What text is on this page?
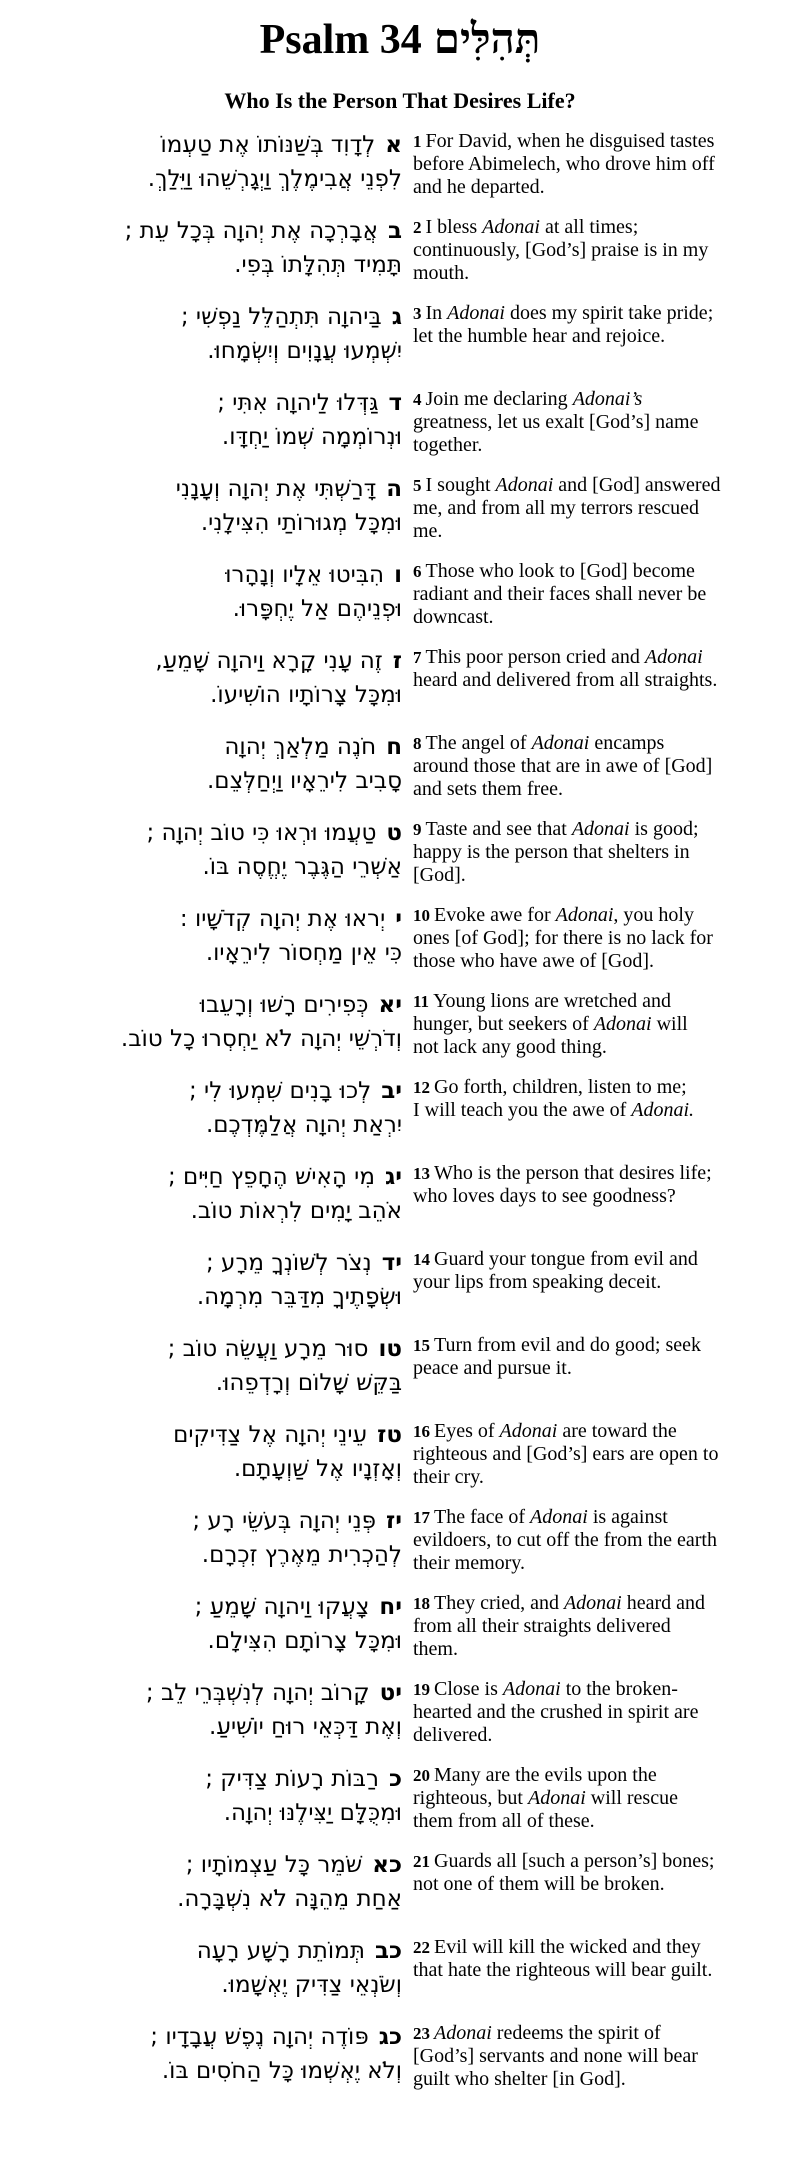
Psalm 34 תְּהִלִּים
Who Is the Person That Desires Life?
אלְדָוִד בְּשַׁנּוֹתוֹ אֶת טַעְמוֹ
לִפְנֵי אֲבִימֶלֶךְ וַיְגָרְשֵׁהוּ וַיֵּלַךְ.
1 For David, when he disguised tastes
before Abimelech, who drove him off
and he departed.
באֲבָרְכָה אֶת יְהוָה בְּכָל עֵת ;
תָּמִיד תְּהִלָּתוֹ בְּפִי.
2 I bless Adonai at all times;
continuously, [God’s] praise is in my
mouth.
גבַּיהוָה תִּתְהַלֵּל נַפְשִׁי ;
יִשְׁמְעוּ עֲנָוִים וְיִשְׂמָחוּ.
3 In Adonai does my spirit take pride;
let the humble hear and rejoice.
דגַּדְּלוּ לַיהוָה אִתִּי ;
וּנְרוֹמְמָה שְׁמוֹ יַחְדָּו.
4 Join me declaring Adonai’s
greatness, let us exalt [God’s] name
together.
הדָּרַשְׁתִּי אֶת יְהוָה וְעָנָנִי
וּמִכָּל מְגוּרוֹתַי הִצִּילָנִי.
5 I sought Adonai and [God] answered
me, and from all my terrors rescued
me.
והִבִּיטוּ אֵלָיו וְנָהָרוּ
וּפְנֵיהֶם אַל יֶחְפָּרוּ.
6 Those who look to [God] become
radiant and their faces shall never be
downcast.
זזֶה עָנִי קָרָא וַיהוָה שָׁמֵעַ,
וּמִכָּל צָרוֹתָיו הוֹשִׁיעוֹ.
7 This poor person cried and Adonai
heard and delivered from all straights.
חחֹנֶה מַלְאַךְ יְהוָה
סָבִיב לִירֵאָיו וַיְחַלְּצֵם.
8 The angel of Adonai encamps
around those that are in awe of [God]
and sets them free.
טטַעֲמוּ וּרְאוּ כִּי טוֹב יְהוָה ;
אַשְׁרֵי הַגֶּבֶר יֶחֱסֶה בּוֹ.
9 Taste and see that Adonai is good;
happy is the person that shelters in
[God].
ייְראוּ אֶת יְהוָה קְדֹשָׁיו :
כִּי אֵין מַחְסוֹר לִירֵאָיו.
10 Evoke awe for Adonai, you holy
ones [of God]; for there is no lack for
those who have awe of [God].
יאכְּפִירִים רָשׁוּ וְרָעֵבוּ
וְדֹרְשֵׁי יְהוָה לֹא יַחְסְרוּ כָל טוֹב.
11 Young lions are wretched and
hunger, but seekers of Adonai will
not lack any good thing.
יבלְכוּ בָנִים שִׁמְעוּ לִי ;
יִרְאַת יְהוָה אֲלַמֶּדְכֶם.
12 Go forth, children, listen to me;
I will teach you the awe of Adonai.
יגמִי הָאִישׁ הֶחָפֵץ חַיִּים ;
אֹהֵב יָמִים לִרְאוֹת טוֹב.
13 Who is the person that desires life;
who loves days to see goodness?
ידנְצֹר לְשׁוֹנְךָ מֵרָע ;
וּשְׂפָתֶיךָ מִדַּבֵּר מִרְמָה.
14 Guard your tongue from evil and
your lips from speaking deceit.
טוסוּר מֵרָע וַעֲשֵׂה טוֹב ;
בַּקֵּשׁ שָׁלוֹם וְרָדְפֵהוּ.
15 Turn from evil and do good; seek
peace and pursue it.
טזעֵינֵי יְהוָה אֶל צַדִּיקִים
וְאָזְנָיו אֶל שַׁוְעָתָם.
16 Eyes of Adonai are toward the
righteous and [God’s] ears are open to
their cry.
יזפְּנֵי יְהוָה בְּעֹשֵׂי רָע ;
לְהַכְרִית מֵאֶרֶץ זִכְרָם.
17 The face of Adonai is against
evildoers, to cut off the from the earth
their memory.
יחצָעֲקוּ וַיהוָה שָׁמֵעַ ;
וּמִכָּל צָרוֹתָם הִצִּילָם.
18 They cried, and Adonai heard and
from all their straights delivered
them.
יטקָרוֹב יְהוָה לְנִשְׁבְּרֵי לֵב ;
וְאֶת דַּכְּאֵי רוּחַ יוֹשִׁיעַ.
19 Close is Adonai to the broken-
hearted and the crushed in spirit are
delivered.
כרַבּוֹת רָעוֹת צַדִּיק ;
וּמִכֻּלָּם יַצִּילֶנּוּ יְהוָה.
20 Many are the evils upon the
righteous, but Adonai will rescue
them from all of these.
כאשֹׁמֵר כָּל עַצְמוֹתָיו ;
אַחַת מֵהֵנָּה לֹא נִשְׁבָּרָה.
21 Guards all [such a person’s] bones;
not one of them will be broken.
כבתְּמוֹתֵת רָשָׁע רָעָה
וְשֹׂנְאֵי צַדִּיק יֶאְשָׁמוּ.
22 Evil will kill the wicked and they
that hate the righteous will bear guilt.
כגפּוֹדֶה יְהוָה נֶפֶשׁ עֲבָדָיו ;
וְלֹא יֶאְשְׁמוּ כָּל הַחֹסִים בּוֹ.
23 Adonai redeems the spirit of
[God’s] servants and none will bear
guilt who shelter [in God].
